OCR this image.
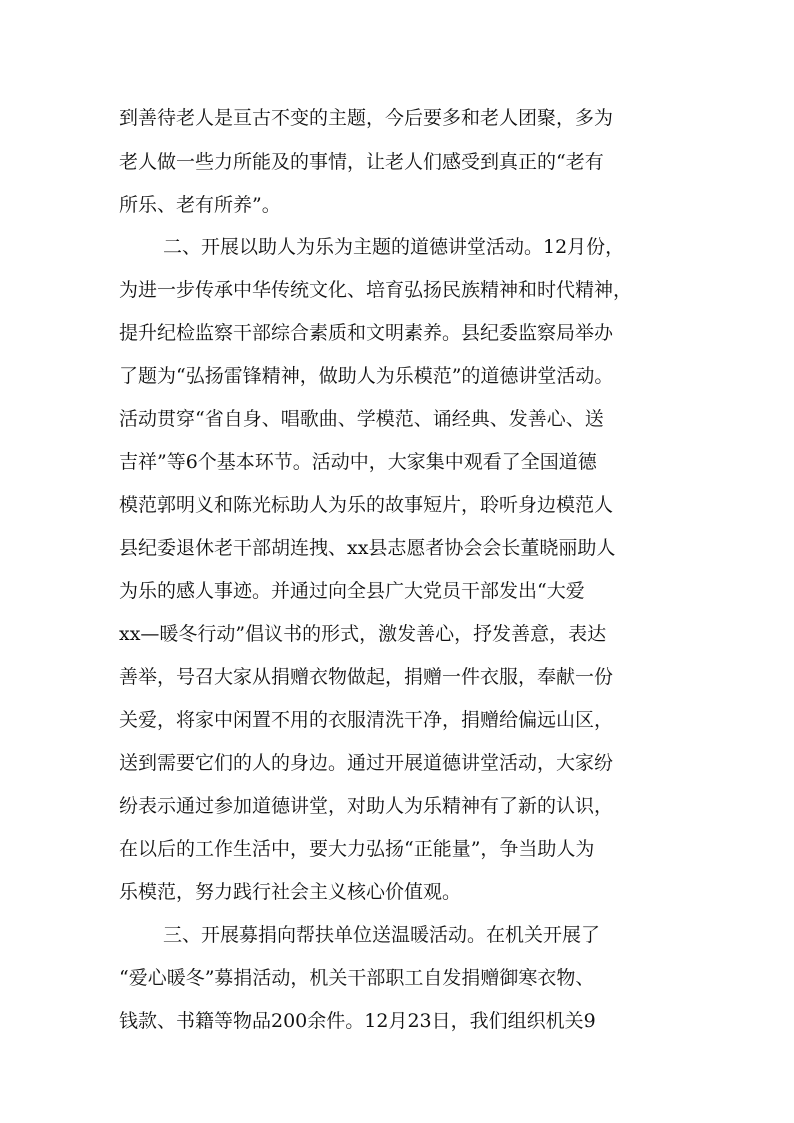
到善待老人是亘古不变的主题，今后要多和老人团聚，多为
老人做一些力所能及的事情，让老人们感受到真正的“老有
所乐、老有所养”。
二、开展以助人为乐为主题的道德讲堂活动。12月份，
为进一步传承中华传统文化、培育弘扬民族精神和时代精神，
提升纪检监察干部综合素质和文明素养。县纪委监察局举办
了题为“弘扬雷锋精神，做助人为乐模范”的道德讲堂活动。
活动贯穿“省自身、唱歌曲、学模范、诵经典、发善心、送
吉祥”等6个基本环节。活动中，大家集中观看了全国道德
模范郭明义和陈光标助人为乐的故事短片，聆听身边模范人
县纪委退休老干部胡连拽、xx县志愿者协会会长董晓丽助人
为乐的感人事迹。并通过向全县广大党员干部发出“大爱
xx—暖冬行动”倡议书的形式，激发善心，抒发善意，表达
善举，号召大家从捐赠衣物做起，捐赠一件衣服，奉献一份
关爱，将家中闲置不用的衣服清洗干净，捐赠给偏远山区，
送到需要它们的人的身边。通过开展道德讲堂活动，大家纷
纷表示通过参加道德讲堂，对助人为乐精神有了新的认识，
在以后的工作生活中，要大力弘扬“正能量”，争当助人为
乐模范，努力践行社会主义核心价值观。
三、开展募捐向帮扶单位送温暖活动。在机关开展了
“爱心暖冬”募捐活动，机关干部职工自发捐赠御寒衣物、
钱款、书籍等物品200余件。12月23日，我们组织机关9
